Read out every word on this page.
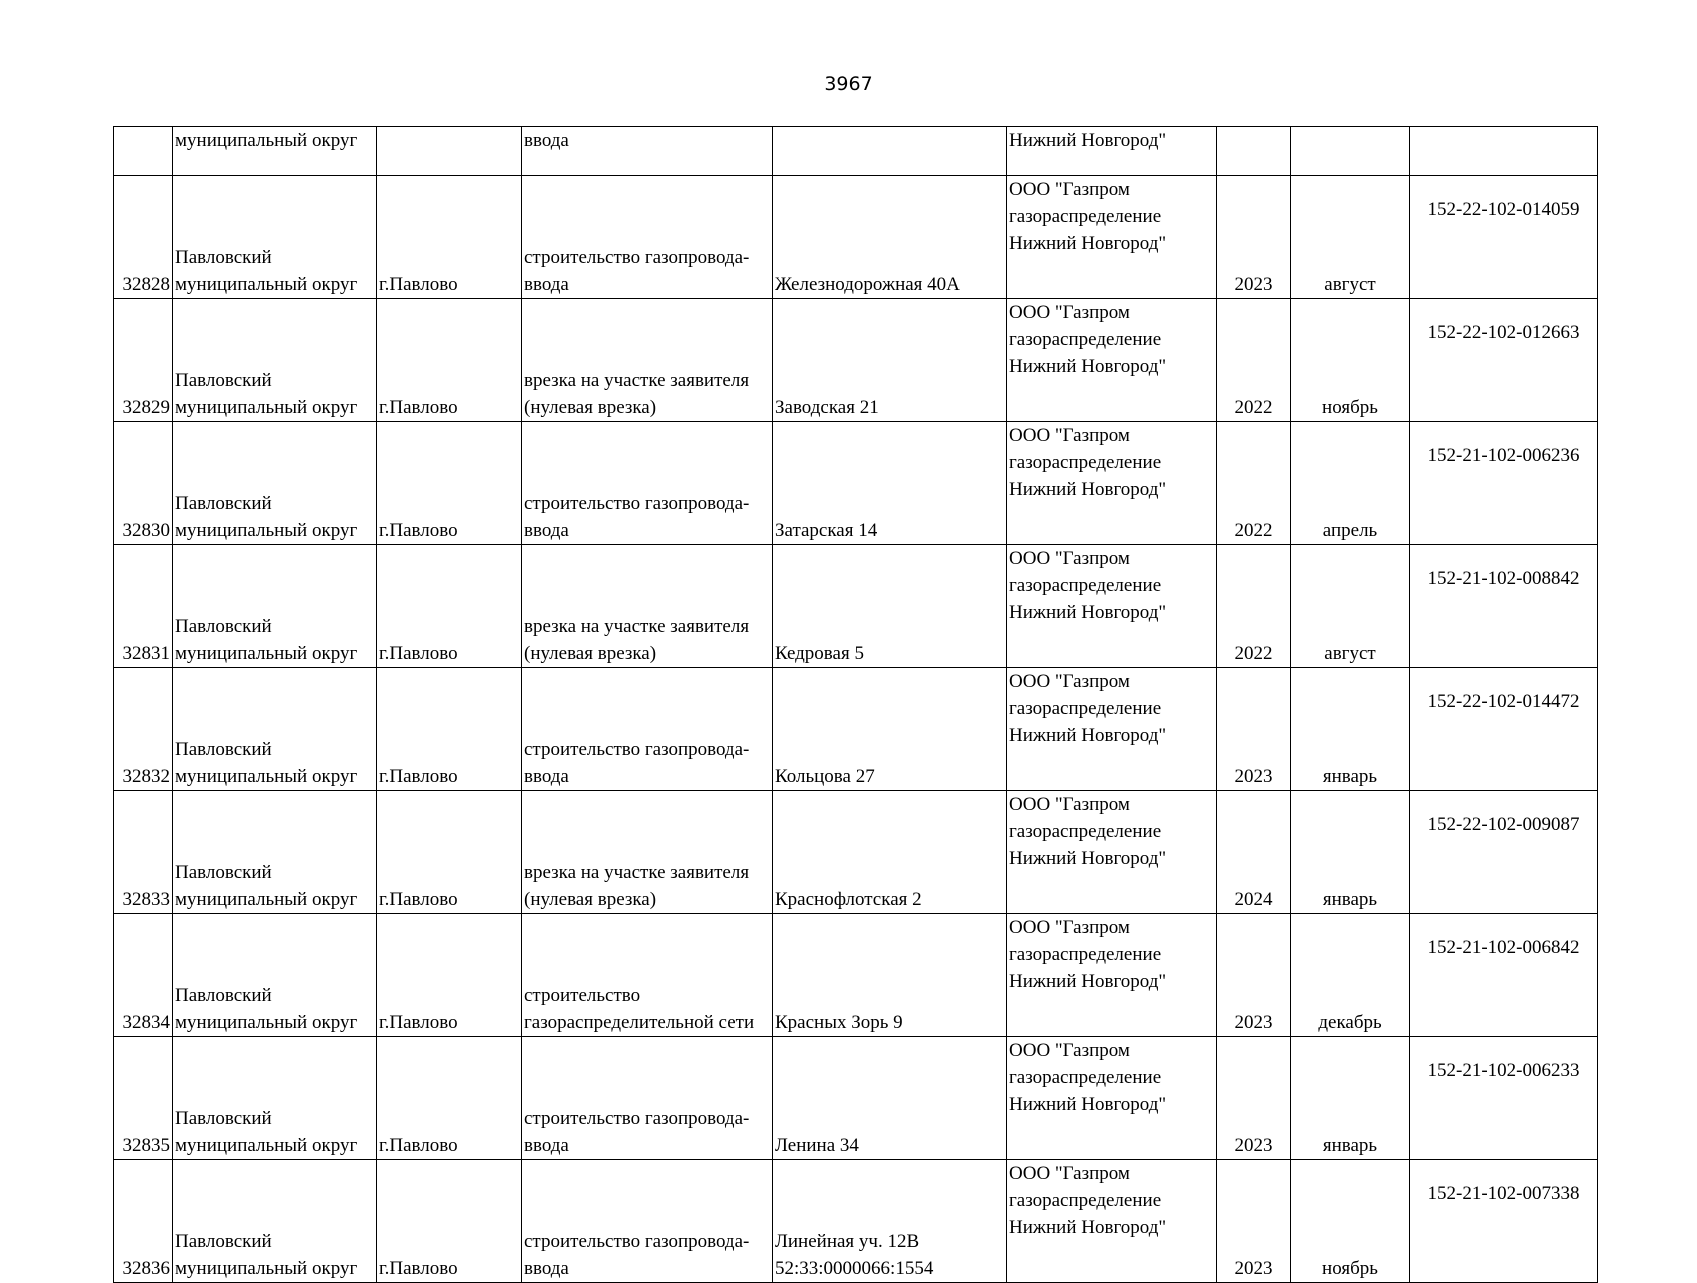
3967
	муниципальный округ		ввода		Нижний Новгород"			
32828	Павловский
муниципальный округ	г.Павлово	строительство газопровода-
ввода	Железнодорожная 40А	ООО "Газпром
газораспределение
Нижний Новгород"	2023	август	152-22-102-014059
32829	Павловский
муниципальный округ	г.Павлово	врезка на участке заявителя
(нулевая врезка)	Заводская 21	ООО "Газпром
газораспределение
Нижний Новгород"	2022	ноябрь	152-22-102-012663
32830	Павловский
муниципальный округ	г.Павлово	строительство газопровода-
ввода	Затарская 14	ООО "Газпром
газораспределение
Нижний Новгород"	2022	апрель	152-21-102-006236
32831	Павловский
муниципальный округ	г.Павлово	врезка на участке заявителя
(нулевая врезка)	Кедровая 5	ООО "Газпром
газораспределение
Нижний Новгород"	2022	август	152-21-102-008842
32832	Павловский
муниципальный округ	г.Павлово	строительство газопровода-
ввода	Кольцова 27	ООО "Газпром
газораспределение
Нижний Новгород"	2023	январь	152-22-102-014472
32833	Павловский
муниципальный округ	г.Павлово	врезка на участке заявителя
(нулевая врезка)	Краснофлотская 2	ООО "Газпром
газораспределение
Нижний Новгород"	2024	январь	152-22-102-009087
32834	Павловский
муниципальный округ	г.Павлово	строительство
газораспределительной сети	Красных Зорь 9	ООО "Газпром
газораспределение
Нижний Новгород"	2023	декабрь	152-21-102-006842
32835	Павловский
муниципальный округ	г.Павлово	строительство газопровода-
ввода	Ленина 34	ООО "Газпром
газораспределение
Нижний Новгород"	2023	январь	152-21-102-006233
32836	Павловский
муниципальный округ	г.Павлово	строительство газопровода-
ввода	Линейная уч. 12В
52:33:0000066:1554	ООО "Газпром
газораспределение
Нижний Новгород"	2023	ноябрь	152-21-102-007338
